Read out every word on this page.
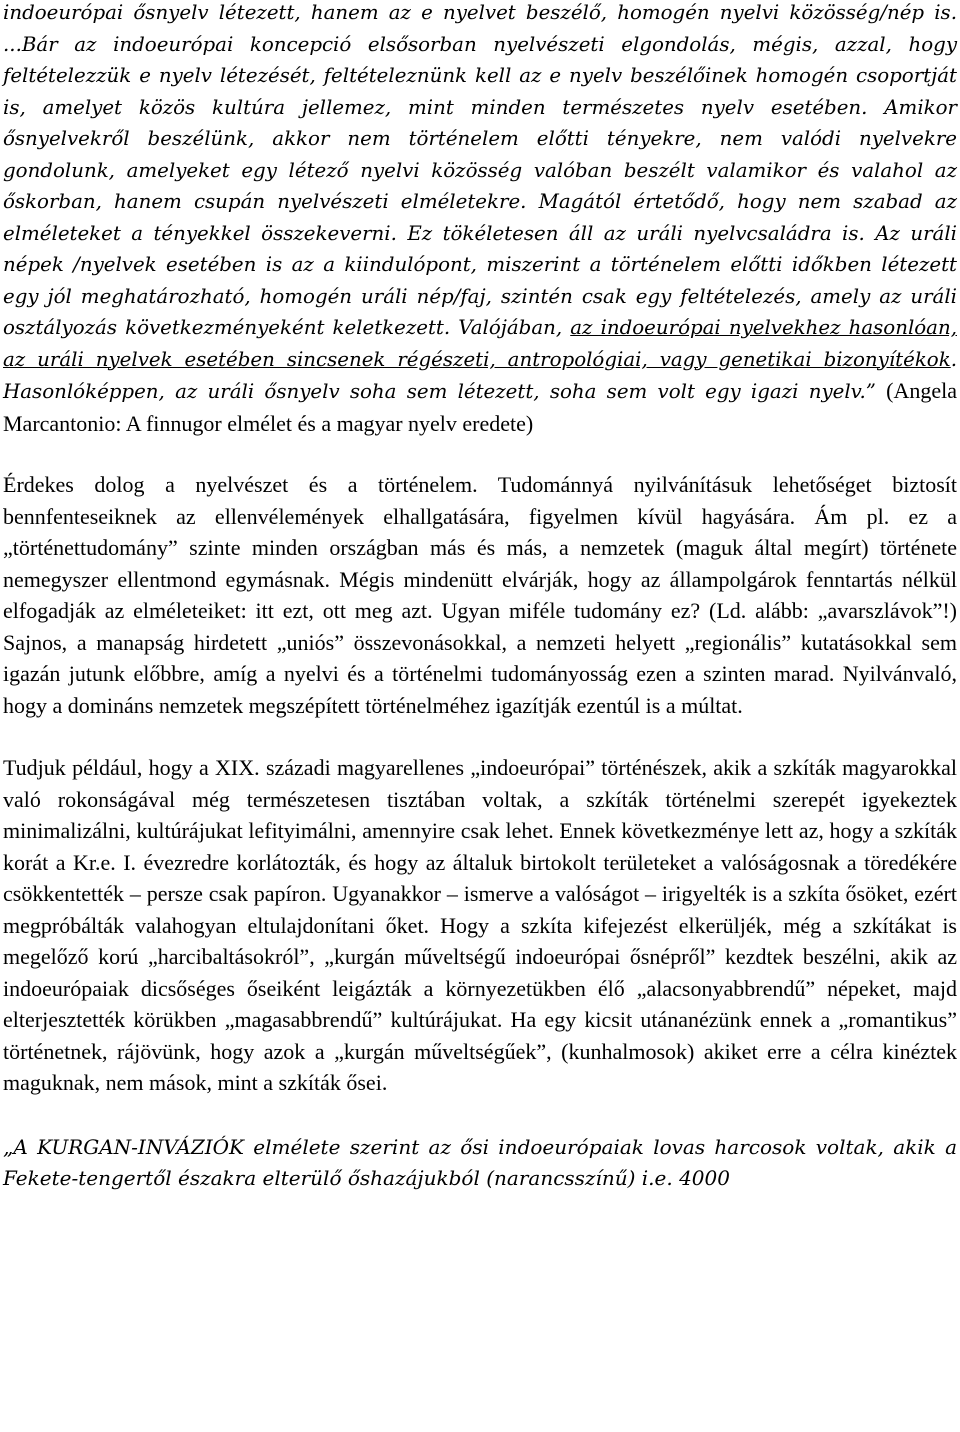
indoeurópai ősnyelv létezett, hanem az e nyelvet beszélő, homogén nyelvi közösség/nép is. ...Bár az indoeurópai koncepció elsősorban nyelvészeti elgondolás, mégis, azzal, hogy feltételezzük e nyelv létezését, feltételeznünk kell az e nyelv beszélőinek homogén csoportját is, amelyet közös kultúra jellemez, mint minden természetes nyelv esetében. Amikor ősnyelvekről beszélünk, akkor nem történelem előtti tényekre, nem valódi nyelvekre gondolunk, amelyeket egy létező nyelvi közösség valóban beszélt valamikor és valahol az őskorban, hanem csupán nyelvészeti elméletekre. Magától értetődő, hogy nem szabad az elméleteket a tényekkel összekeverni. Ez tökéletesen áll az uráli nyelvcsaládra is. Az uráli népek /nyelvek esetében is az a kiindulópont, miszerint a történelem előtti időkben létezett egy jól meghatározható, homogén uráli nép/faj, szintén csak egy feltételezés, amely az uráli osztályozás következményeként keletkezett. Valójában, az indoeurópai nyelvekhez hasonlóan, az uráli nyelvek esetében sincsenek régészeti, antropológiai, vagy genetikai bizonyítékok. Hasonlóképpen, az uráli ősnyelv soha sem létezett, soha sem volt egy igazi nyelv.” (Angela Marcantonio: A finnugor elmélet és a magyar nyelv eredete)

Érdekes dolog a nyelvészet és a történelem. Tudománnyá nyilvánításuk lehetőséget biztosít bennfenteseiknek az ellenvélemények elhallgatására, figyelmen kívül hagyására. Ám pl. ez a „történettudomány” szinte minden országban más és más, a nemzetek (maguk által megírt) története nemegyszer ellentmond egymásnak. Mégis mindenütt elvárják, hogy az állampolgárok fenntartás nélkül elfogadják az elméleteiket: itt ezt, ott meg azt. Ugyan miféle tudomány ez? (Ld. alább: „avarszlávok”!) Sajnos, a manapság hirdetett „uniós” összevonásokkal, a nemzeti helyett „regionális” kutatásokkal sem igazán jutunk előbbre, amíg a nyelvi és a történelmi tudományosság ezen a szinten marad. Nyilvánvaló, hogy a domináns nemzetek megszépített történelméhez igazítják ezentúl is a múltat.

Tudjuk például, hogy a XIX. századi magyarellenes „indoeurópai” történészek, akik a szkíták magyarokkal való rokonságával még természetesen tisztában voltak, a szkíták történelmi szerepét igyekeztek minimalizálni, kultúrájukat lefityimálni, amennyire csak lehet. Ennek következménye lett az, hogy a szkíták korát a Kr.e. I. évezredre korlátozták, és hogy az általuk birtokolt területeket a valóságosnak a töredékére csökkentették – persze csak papíron. Ugyanakkor – ismerve a valóságot – irigyelték is a szkíta ősöket, ezért megpróbálták valahogyan eltulajdonítani őket. Hogy a szkíta kifejezést elkerüljék, még a szkítákat is megelőző korú „harcibaltásokról”, „kurgán műveltségű indoeurópai ősnépről” kezdtek beszélni, akik az indoeurópaiak dicsőséges őseiként leigázták a környezetükben élő „alacsonyabbrendű” népeket, majd elterjesztették körükben „magasabbrendű” kultúrájukat. Ha egy kicsit utánanézünk ennek a „romantikus” történetnek, rájövünk, hogy azok a „kurgán műveltségűek”, (kunhalmosok) akiket erre a célra kinéztek maguknak, nem mások, mint a szkíták ősei.

„A KURGAN-INVÁZIÓK elmélete szerint az ősi indoeurópaiak lovas harcosok voltak, akik a Fekete-tengertől északra elterülő őshazájukból (narancsszínű) i.e. 4000
